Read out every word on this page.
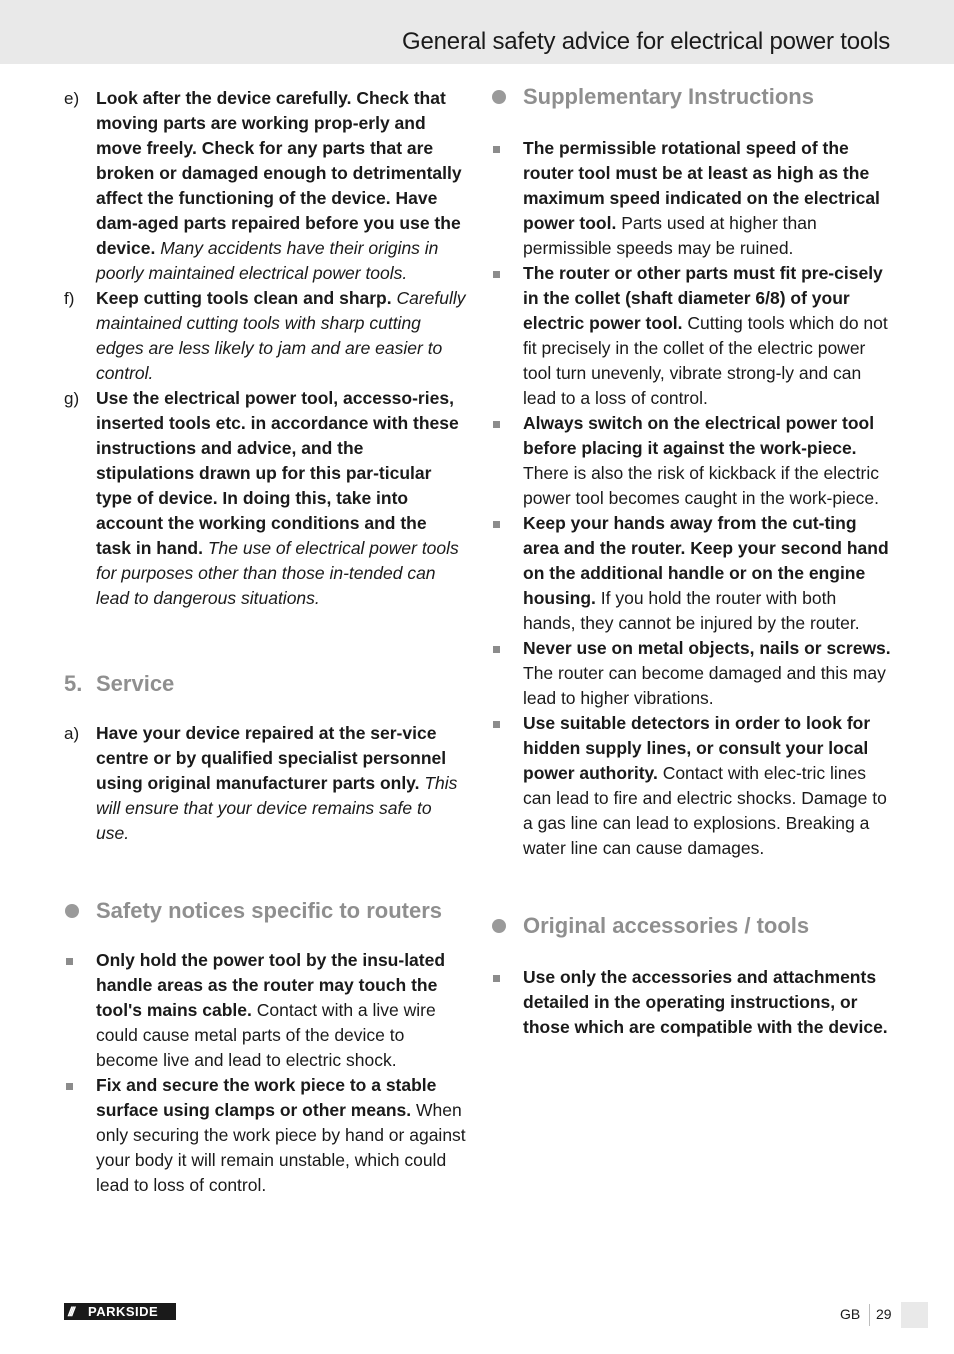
General safety advice for electrical power tools
e) Look after the device carefully. Check that moving parts are working prop-erly and move freely. Check for any parts that are broken or damaged enough to detrimentally affect the functioning of the device. Have dam-aged parts repaired before you use the device. Many accidents have their origins in poorly maintained electrical power tools.
f) Keep cutting tools clean and sharp. Carefully maintained cutting tools with sharp cutting edges are less likely to jam and are easier to control.
g) Use the electrical power tool, accesso-ries, inserted tools etc. in accordance with these instructions and advice, and the stipulations drawn up for this par-ticular type of device. In doing this, take into account the working conditions and the task in hand. The use of electrical power tools for purposes other than those in-tended can lead to dangerous situations.
5. Service
a) Have your device repaired at the ser-vice centre or by qualified specialist personnel using original manufacturer parts only. This will ensure that your device remains safe to use.
Safety notices specific to routers
Only hold the power tool by the insu-lated handle areas as the router may touch the tool's mains cable. Contact with a live wire could cause metal parts of the device to become live and lead to electric shock.
Fix and secure the work piece to a stable surface using clamps or other means. When only securing the work piece by hand or against your body it will remain unstable, which could lead to loss of control.
Supplementary Instructions
The permissible rotational speed of the router tool must be at least as high as the maximum speed indicated on the electrical power tool. Parts used at higher than permissible speeds may be ruined.
The router or other parts must fit pre-cisely in the collet (shaft diameter 6/8) of your electric power tool. Cutting tools which do not fit precisely in the collet of the electric power tool turn unevenly, vibrate strong-ly and can lead to a loss of control.
Always switch on the electrical power tool before placing it against the work-piece. There is also the risk of kickback if the electric power tool becomes caught in the work-piece.
Keep your hands away from the cut-ting area and the router. Keep your second hand on the additional handle or on the engine housing. If you hold the router with both hands, they cannot be injured by the router.
Never use on metal objects, nails or screws. The router can become damaged and this may lead to higher vibrations.
Use suitable detectors in order to look for hidden supply lines, or consult your local power authority. Contact with elec-tric lines can lead to fire and electric shocks. Damage to a gas line can lead to explosions. Breaking a water line can cause damages.
Original accessories / tools
Use only the accessories and attachments detailed in the operating instructions, or those which are compatible with the device.
/// PARKSIDE	GB 29
